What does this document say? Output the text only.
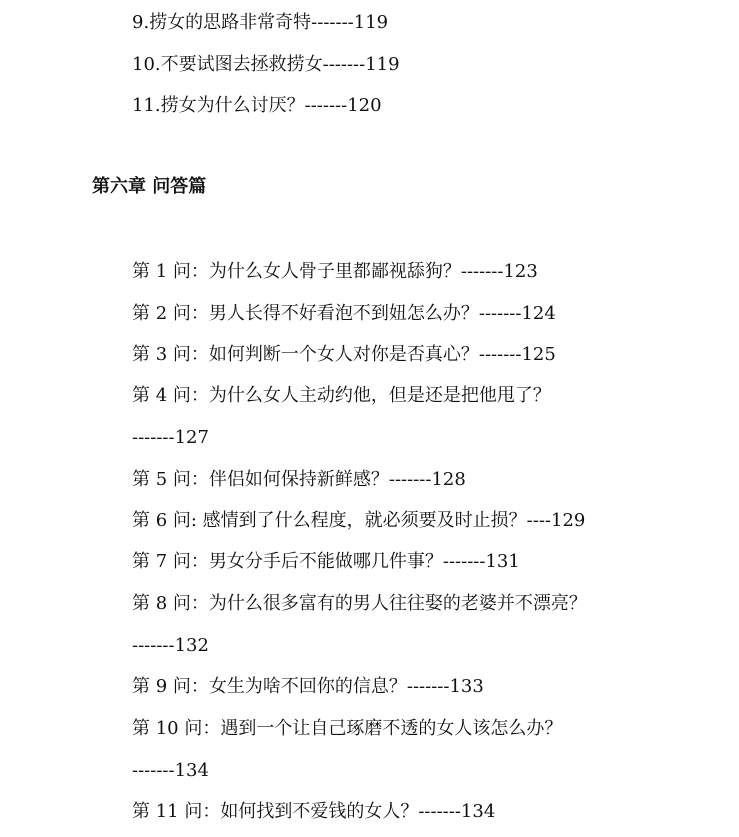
9.捞女的思路非常奇特-------119
10.不要试图去拯救捞女-------119
11.捞女为什么讨厌？-------120
第六章 问答篇
第 1 问：为什么女人骨子里都鄙视舔狗？-------123
第 2 问：男人长得不好看泡不到妞怎么办？-------124
第 3 问：如何判断一个女人对你是否真心？-------125
第 4 问：为什么女人主动约他，但是还是把他甩了？
-------127
第 5 问：伴侣如何保持新鲜感？-------128
第 6 问: 感情到了什么程度，就必须要及时止损？----129
第 7 问：男女分手后不能做哪几件事？-------131
第 8 问：为什么很多富有的男人往往娶的老婆并不漂亮？
-------132
第 9 问：女生为啥不回你的信息？-------133
第 10 问：遇到一个让自己琢磨不透的女人该怎么办？
-------134
第 11 问：如何找到不爱钱的女人？-------134
